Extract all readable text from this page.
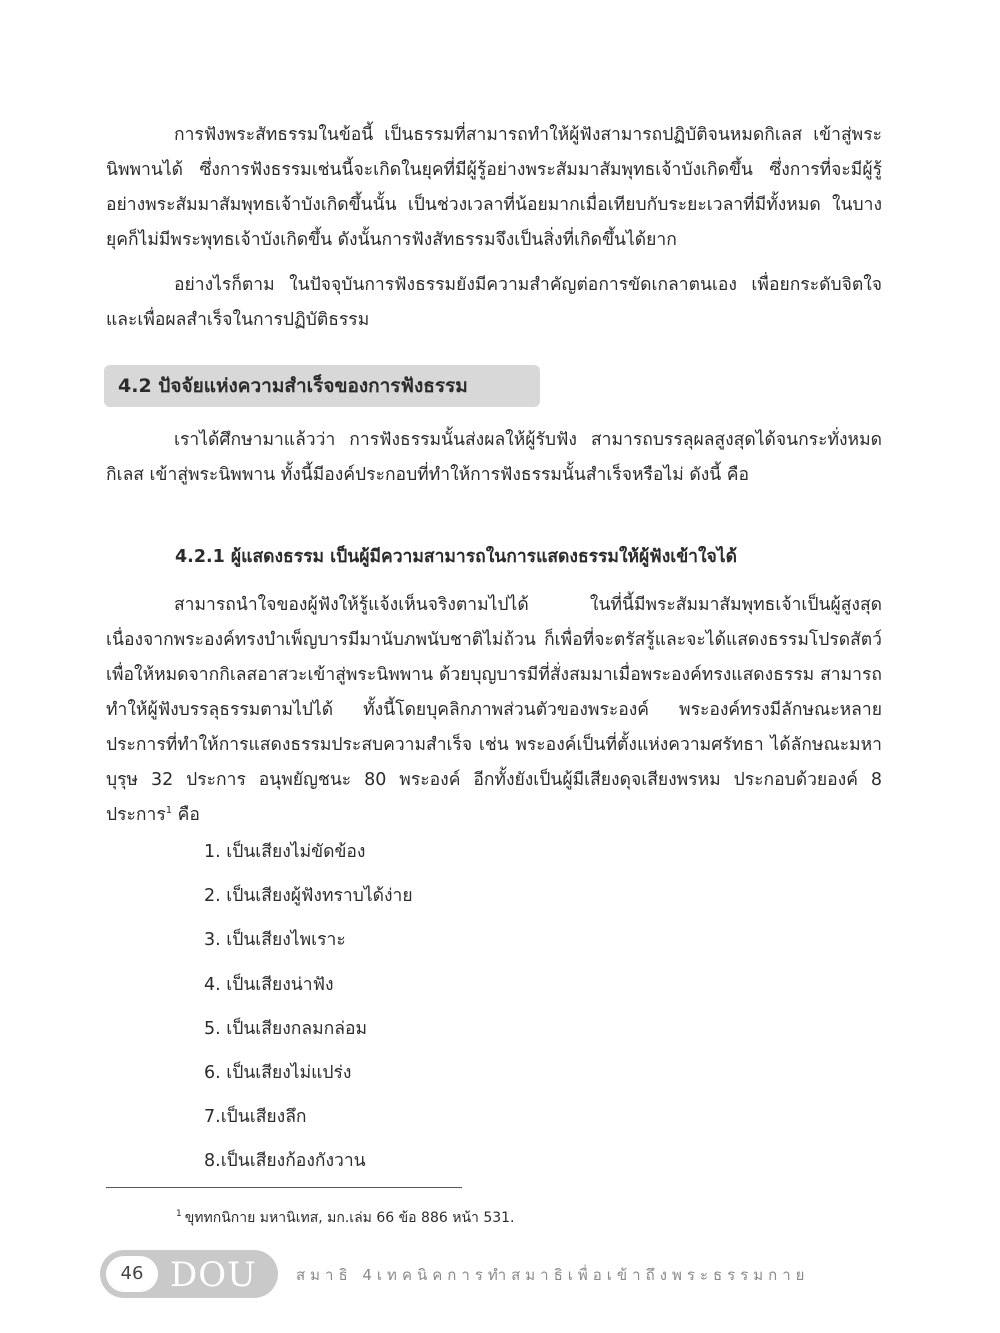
การฟังพระสัทธรรมในข้อนี้ เป็นธรรมที่สามารถทำให้ผู้ฟังสามารถปฏิบัติจนหมดกิเลส เข้าสู่พระนิพพานได้ ซึ่งการฟังธรรมเช่นนี้จะเกิดในยุคที่มีผู้รู้อย่างพระสัมมาสัมพุทธเจ้าบังเกิดขึ้น ซึ่งการที่จะมีผู้รู้อย่างพระสัมมาสัมพุทธเจ้าบังเกิดขึ้นนั้น เป็นช่วงเวลาที่น้อยมากเมื่อเทียบกับระยะเวลาที่มีทั้งหมด ในบางยุคก็ไม่มีพระพุทธเจ้าบังเกิดขึ้น ดังนั้นการฟังสัทธรรมจึงเป็นสิ่งที่เกิดขึ้นได้ยาก

อย่างไรก็ตาม ในปัจจุบันการฟังธรรมยังมีความสำคัญต่อการขัดเกลาตนเอง เพื่อยกระดับจิตใจและเพื่อผลสำเร็จในการปฏิบัติธรรม

4.2 ปัจจัยแห่งความสำเร็จของการฟังธรรม

เราได้ศึกษามาแล้วว่า การฟังธรรมนั้นส่งผลให้ผู้รับฟัง สามารถบรรลุผลสูงสุดได้จนกระทั่งหมดกิเลส เข้าสู่พระนิพพาน ทั้งนี้มีองค์ประกอบที่ทำให้การฟังธรรมนั้นสำเร็จหรือไม่ ดังนี้ คือ

4.2.1 ผู้แสดงธรรม เป็นผู้มีความสามารถในการแสดงธรรมให้ผู้ฟังเข้าใจได้

สามารถนำใจของผู้ฟังให้รู้แจ้งเห็นจริงตามไปได้ ในที่นี้มีพระสัมมาสัมพุทธเจ้าเป็นผู้สูงสุด เนื่องจากพระองค์ทรงบำเพ็ญบารมีมานับภพนับชาติไม่ถ้วน ก็เพื่อที่จะตรัสรู้และจะได้แสดงธรรมโปรดสัตว์ เพื่อให้หมดจากกิเลสอาสวะเข้าสู่พระนิพพาน ด้วยบุญบารมีที่สั่งสมมาเมื่อพระองค์ทรงแสดงธรรม สามารถทำให้ผู้ฟังบรรลุธรรมตามไปได้ ทั้งนี้โดยบุคลิกภาพส่วนตัวของพระองค์ พระองค์ทรงมีลักษณะหลายประการที่ทำให้การแสดงธรรมประสบความสำเร็จ เช่น พระองค์เป็นที่ตั้งแห่งความศรัทธา ได้ลักษณะมหาบุรุษ 32 ประการ อนุพยัญชนะ 80 พระองค์ อีกทั้งยังเป็นผู้มีเสียงดุจเสียงพรหม ประกอบด้วยองค์ 8 ประการ$^1$ คือ

1. เป็นเสียงไม่ขัดข้อง
2. เป็นเสียงผู้ฟังทราบได้ง่าย
3. เป็นเสียงไพเราะ
4. เป็นเสียงน่าฟัง
5. เป็นเสียงกลมกล่อม
6. เป็นเสียงไม่แปร่ง
7.เป็นเสียงลึก
8.เป็นเสียงก้องกังวาน

$^1$ ขุททกนิกาย มหานิเทส, มก.เล่ม 66 ข้อ 886 หน้า 531.

46 DOU	สมาธิ 4เทคนิคการทำสมาธิเพื่อเข้าถึงพระธรรมกาย
